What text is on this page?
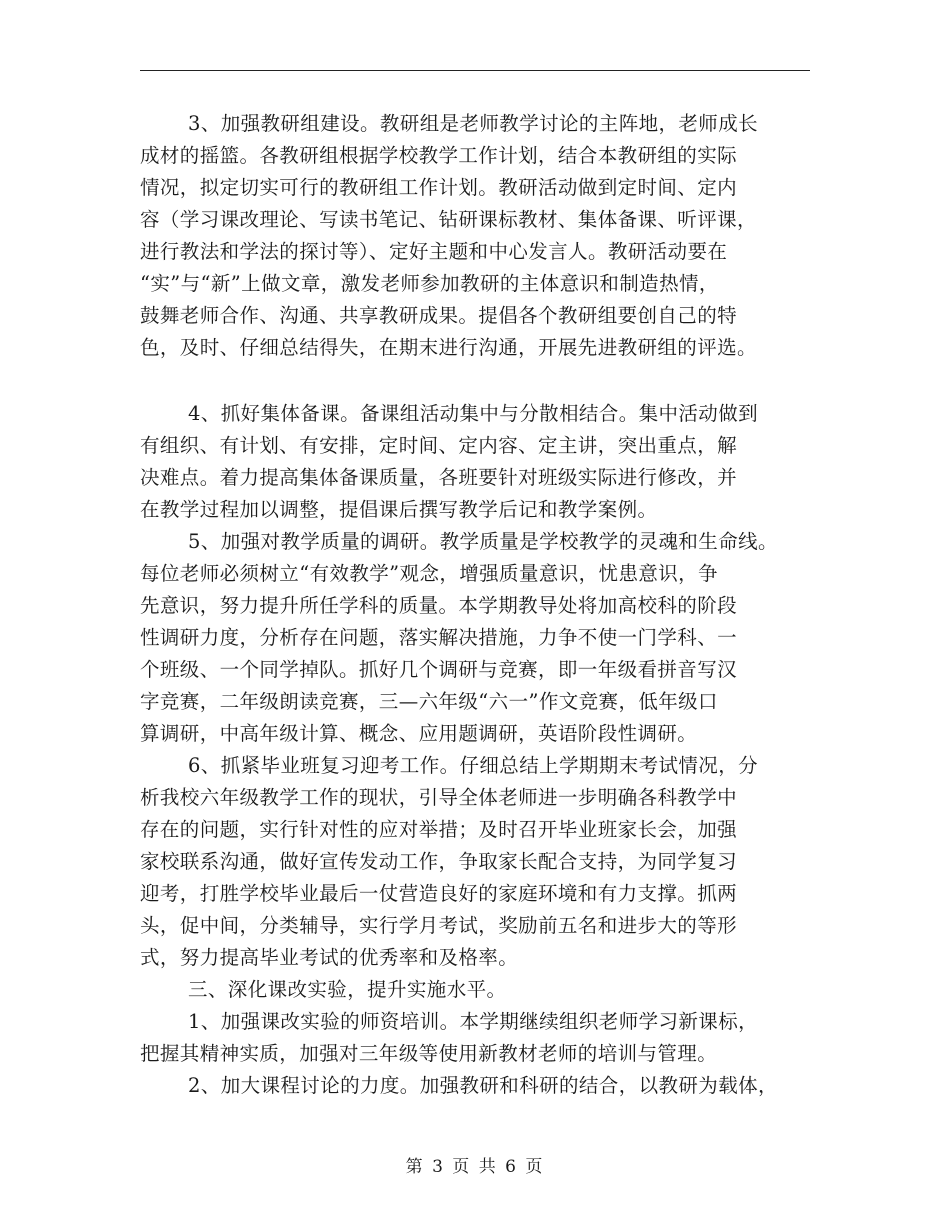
3、加强教研组建设。教研组是老师教学讨论的主阵地，老师成长
成材的摇篮。各教研组根据学校教学工作计划，结合本教研组的实际
情况，拟定切实可行的教研组工作计划。教研活动做到定时间、定内
容（学习课改理论、写读书笔记、钻研课标教材、集体备课、听评课，
进行教法和学法的探讨等）、定好主题和中心发言人。教研活动要在
“实”与“新”上做文章，激发老师参加教研的主体意识和制造热情，
鼓舞老师合作、沟通、共享教研成果。提倡各个教研组要创自己的特
色，及时、仔细总结得失，在期末进行沟通，开展先进教研组的评选。
4、抓好集体备课。备课组活动集中与分散相结合。集中活动做到
有组织、有计划、有安排，定时间、定内容、定主讲，突出重点，解
决难点。着力提高集体备课质量，各班要针对班级实际进行修改，并
在教学过程加以调整，提倡课后撰写教学后记和教学案例。
5、加强对教学质量的调研。教学质量是学校教学的灵魂和生命线。
每位老师必须树立“有效教学”观念，增强质量意识，忧患意识，争
先意识，努力提升所任学科的质量。本学期教导处将加高校科的阶段
性调研力度，分析存在问题，落实解决措施，力争不使一门学科、一
个班级、一个同学掉队。抓好几个调研与竞赛，即一年级看拼音写汉
字竞赛，二年级朗读竞赛，三—六年级“六一”作文竞赛，低年级口
算调研，中高年级计算、概念、应用题调研，英语阶段性调研。
6、抓紧毕业班复习迎考工作。仔细总结上学期期末考试情况，分
析我校六年级教学工作的现状，引导全体老师进一步明确各科教学中
存在的问题，实行针对性的应对举措；及时召开毕业班家长会，加强
家校联系沟通，做好宣传发动工作，争取家长配合支持，为同学复习
迎考，打胜学校毕业最后一仗营造良好的家庭环境和有力支撑。抓两
头，促中间，分类辅导，实行学月考试，奖励前五名和进步大的等形
式，努力提高毕业考试的优秀率和及格率。
三、深化课改实验，提升实施水平。
1、加强课改实验的师资培训。本学期继续组织老师学习新课标，
把握其精神实质，加强对三年级等使用新教材老师的培训与管理。
2、加大课程讨论的力度。加强教研和科研的结合，以教研为载体，
第 3 页 共 6 页
